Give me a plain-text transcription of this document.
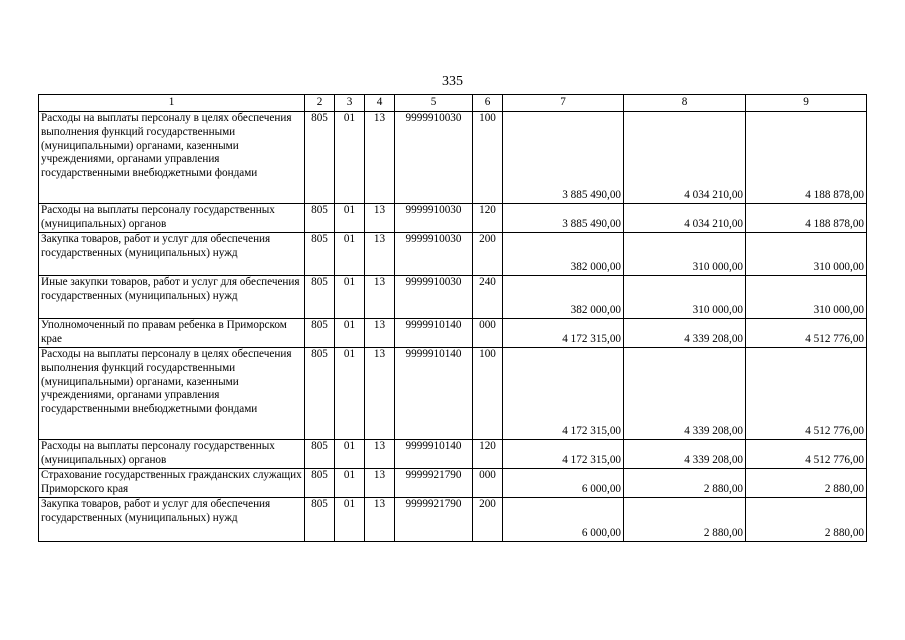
335
1	2	3	4	5	6	7	8	9
Расходы на выплаты персоналу в целях обеспечения выполнения функций государственными (муниципальными) органами, казенными учреждениями, органами управления государственными внебюджетными фондами	805	01	13	9999910030	100	3 885 490,00	4 034 210,00	4 188 878,00
Расходы на выплаты персоналу государственных (муниципальных) органов	805	01	13	9999910030	120	3 885 490,00	4 034 210,00	4 188 878,00
Закупка товаров, работ и услуг для обеспечения государственных (муниципальных) нужд	805	01	13	9999910030	200	382 000,00	310 000,00	310 000,00
Иные закупки товаров, работ и услуг для обеспечения государственных (муниципальных) нужд	805	01	13	9999910030	240	382 000,00	310 000,00	310 000,00
Уполномоченный по правам ребенка в Приморском крае	805	01	13	9999910140	000	4 172 315,00	4 339 208,00	4 512 776,00
Расходы на выплаты персоналу в целях обеспечения выполнения функций государственными (муниципальными) органами, казенными учреждениями, органами управления государственными внебюджетными фондами	805	01	13	9999910140	100	4 172 315,00	4 339 208,00	4 512 776,00
Расходы на выплаты персоналу государственных (муниципальных) органов	805	01	13	9999910140	120	4 172 315,00	4 339 208,00	4 512 776,00
Страхование государственных гражданских служащих Приморского края	805	01	13	9999921790	000	6 000,00	2 880,00	2 880,00
Закупка товаров, работ и услуг для обеспечения государственных (муниципальных) нужд	805	01	13	9999921790	200	6 000,00	2 880,00	2 880,00
